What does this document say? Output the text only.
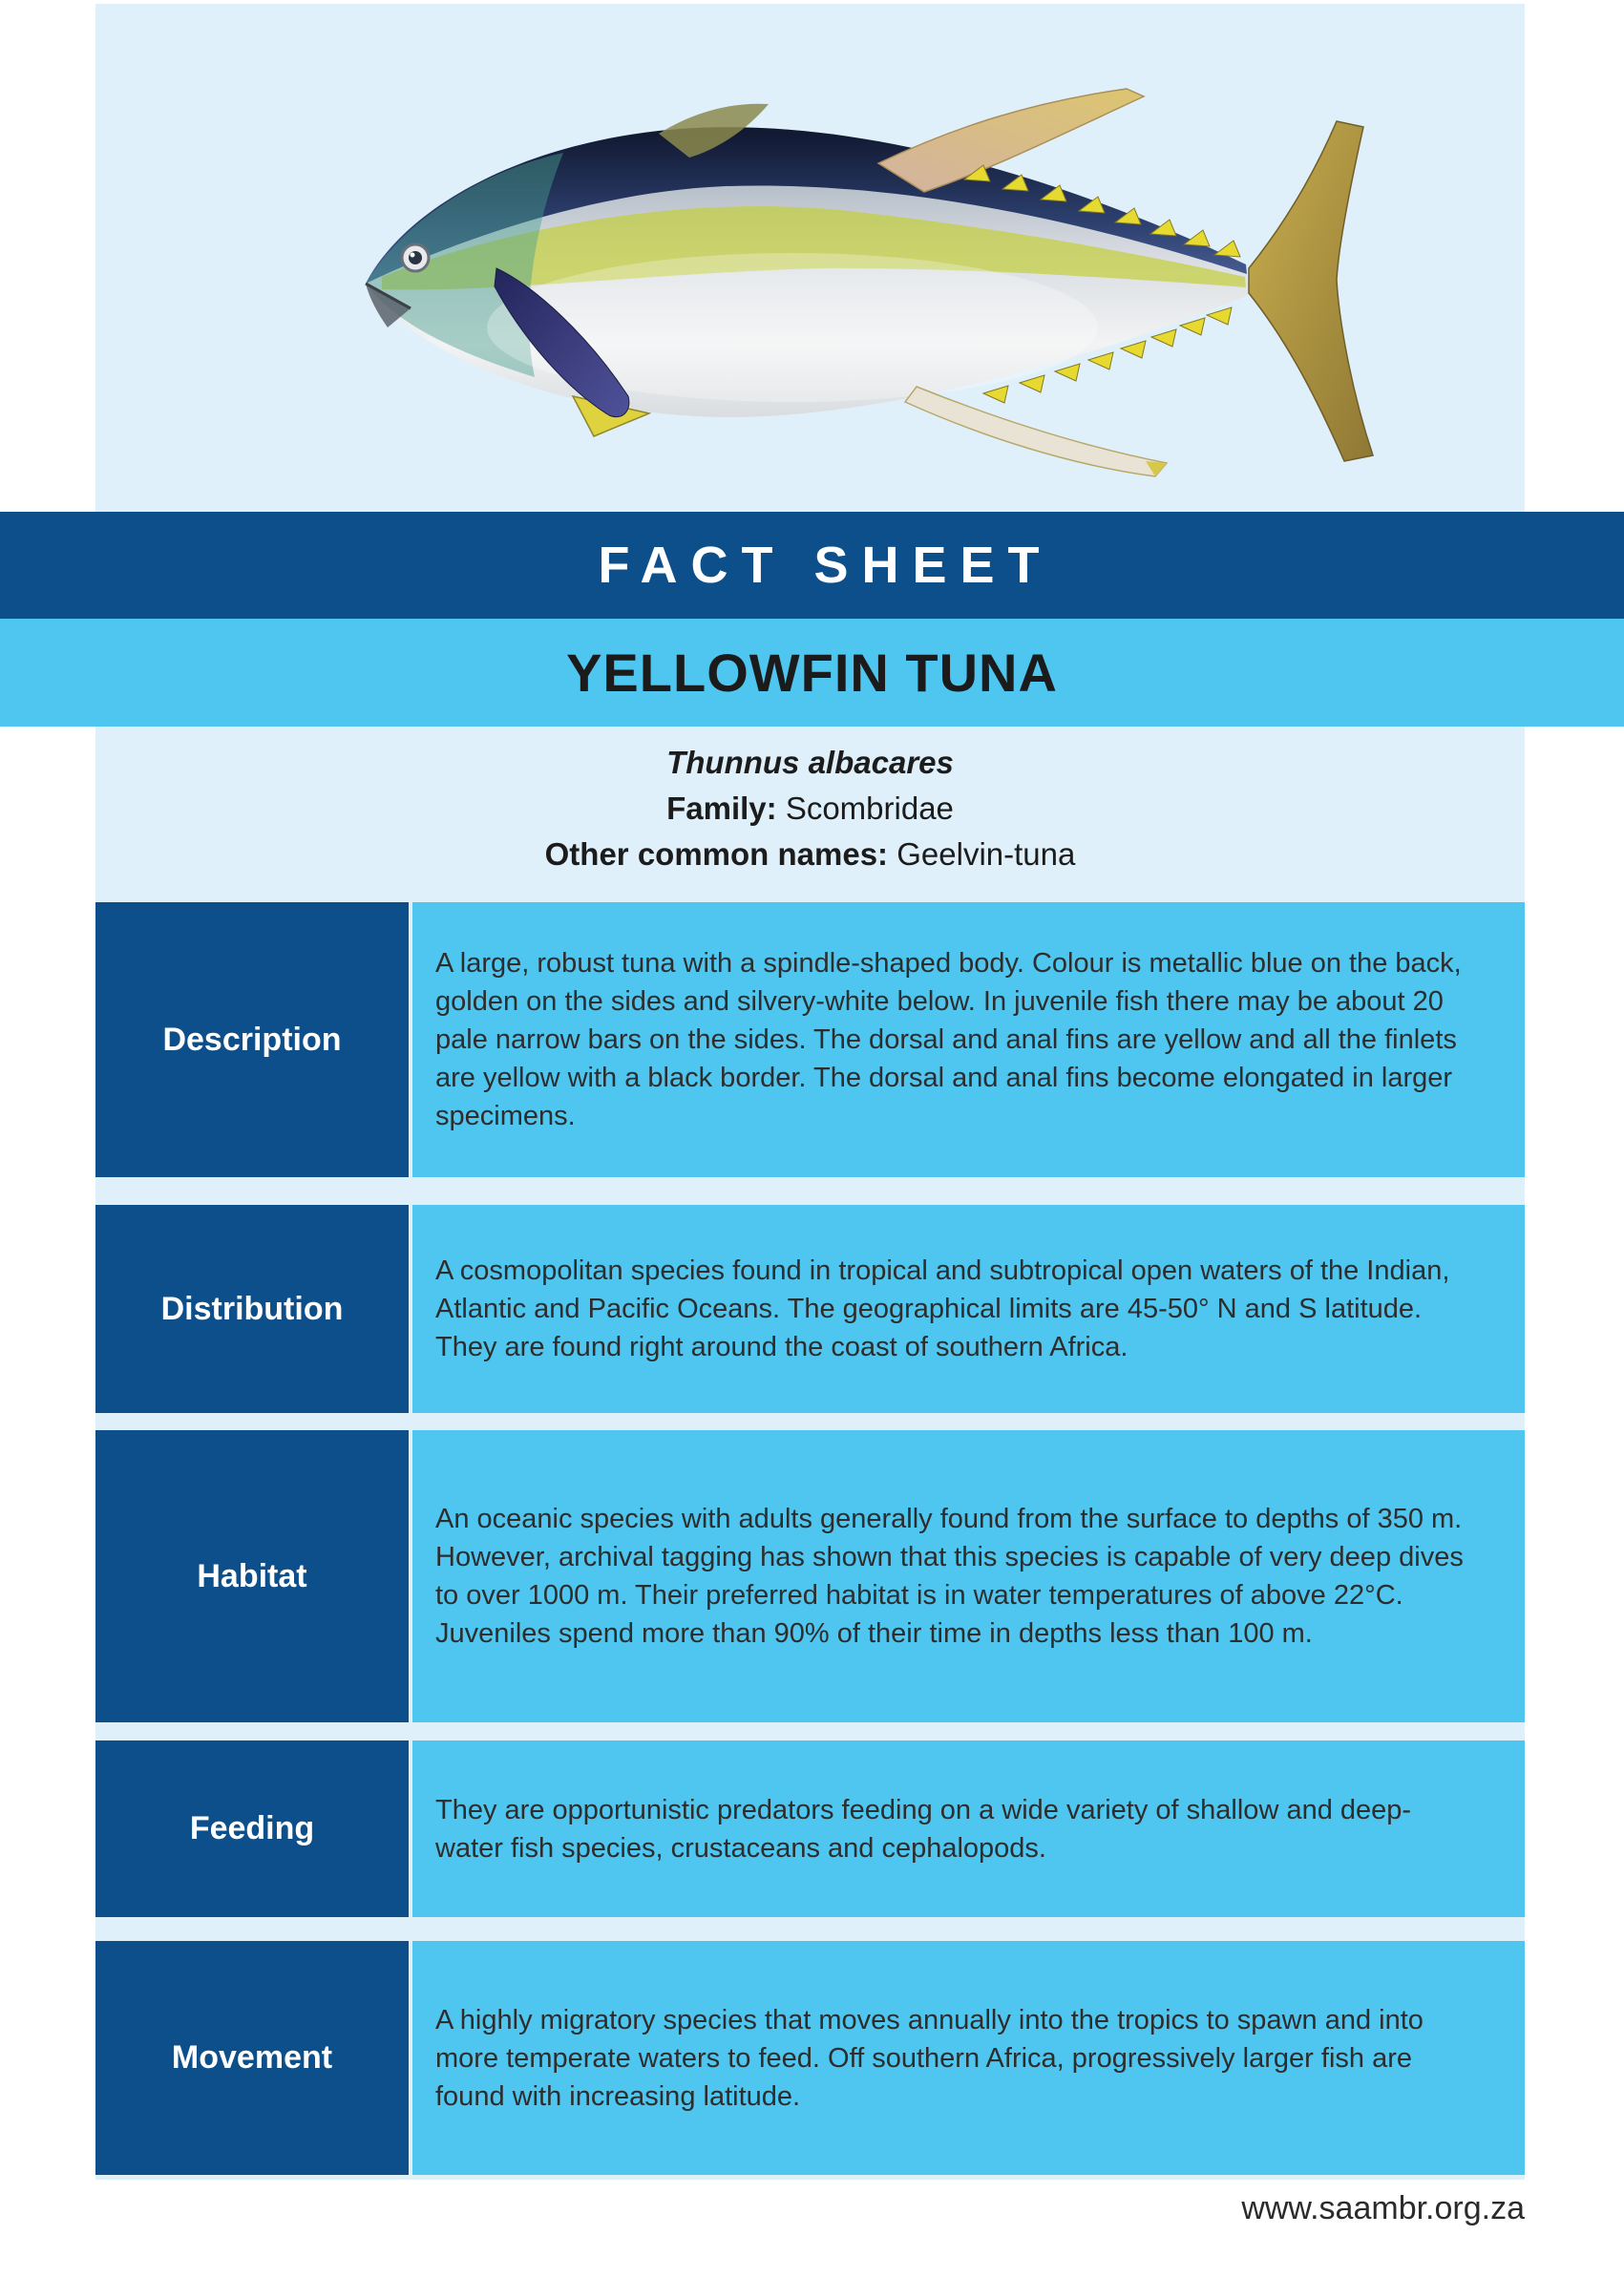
FACT SHEET
YELLOWFIN TUNA
Thunnus albacares
Family: Scombridae
Other common names: Geelvin-tuna
Description
A large, robust tuna with a spindle-shaped body. Colour is metallic blue on the back, golden on the sides and silvery-white below. In juvenile fish there may be about 20 pale narrow bars on the sides. The dorsal and anal fins are yellow and all the finlets are yellow with a black border. The dorsal and anal fins become elongated in larger specimens.
Distribution
A cosmopolitan species found in tropical and subtropical open waters of the Indian, Atlantic and Pacific Oceans. The geographical limits are 45-50° N and S latitude. They are found right around the coast of southern Africa.
Habitat
An oceanic species with adults generally found from the surface to depths of 350 m. However, archival tagging has shown that this species is capable of very deep dives to over 1000 m. Their preferred habitat is in water temperatures of above 22°C. Juveniles spend more than 90% of their time in depths less than 100 m.
Feeding
They are opportunistic predators feeding on a wide variety of shallow and deep-water fish species, crustaceans and cephalopods.
Movement
A highly migratory species that moves annually into the tropics to spawn and into more temperate waters to feed. Off southern Africa, progressively larger fish are found with increasing latitude.
www.saambr.org.za
